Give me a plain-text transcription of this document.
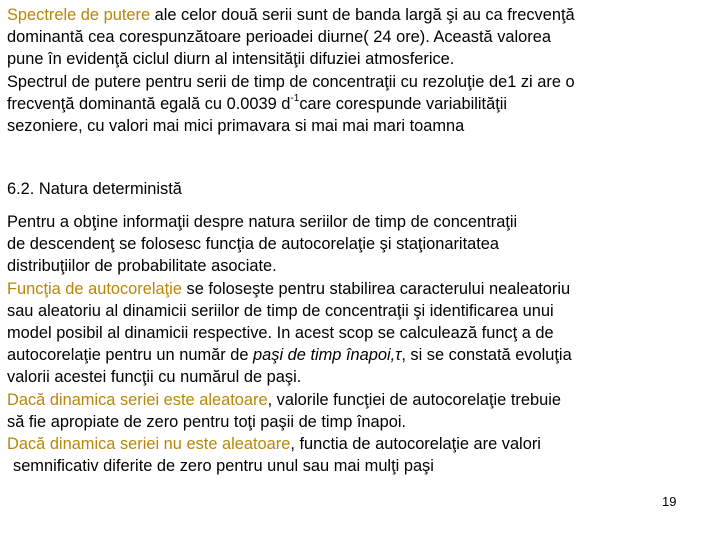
Spectrele de putere ale celor două serii sunt de banda largă şi au ca frecvenţă
dominantă cea corespunzătoare perioadei diurne( 24 ore). Această valorea
pune în evidenţă ciclul diurn al intensităţii difuziei atmosferice.
Spectrul de putere pentru serii de timp de concentraţii cu rezoluţie de1 zi are o
frecvenţă dominantă egală cu 0.0039 $d^{-1}care$ corespunde variabilităţii
sezoniere, cu valori mai mici primavara si mai mai mari toamna
6.2. Natura deterministă
Pentru a obţine informaţii despre natura seriilor de timp de concentraţii
de descendenţ se folosesc funcţia de autocorelaţie şi staţionaritatea
distribuţiilor de probabilitate asociate.
Funcţia de autocorelaţie se foloseşte pentru stabilirea caracterului nealeatoriu
sau aleatoriu al dinamicii seriilor de timp de concentraţii şi identificarea unui
model posibil al dinamicii respective. In acest scop se calculează funcţ a de
autocorelaţie pentru un număr de paşi de timp înapoi,τ, si se constată evoluţia
valorii acestei funcţii cu numărul de paşi.
Dacă dinamica seriei este aleatoare, valorile funcţiei de autocorelaţie trebuie
să fie apropiate de zero pentru toţi paşii de timp înapoi.
Dacă dinamica seriei nu este aleatoare, functia de autocorelaţie are valori
semnificativ diferite de zero pentru unul sau mai mulţi paşi
19
